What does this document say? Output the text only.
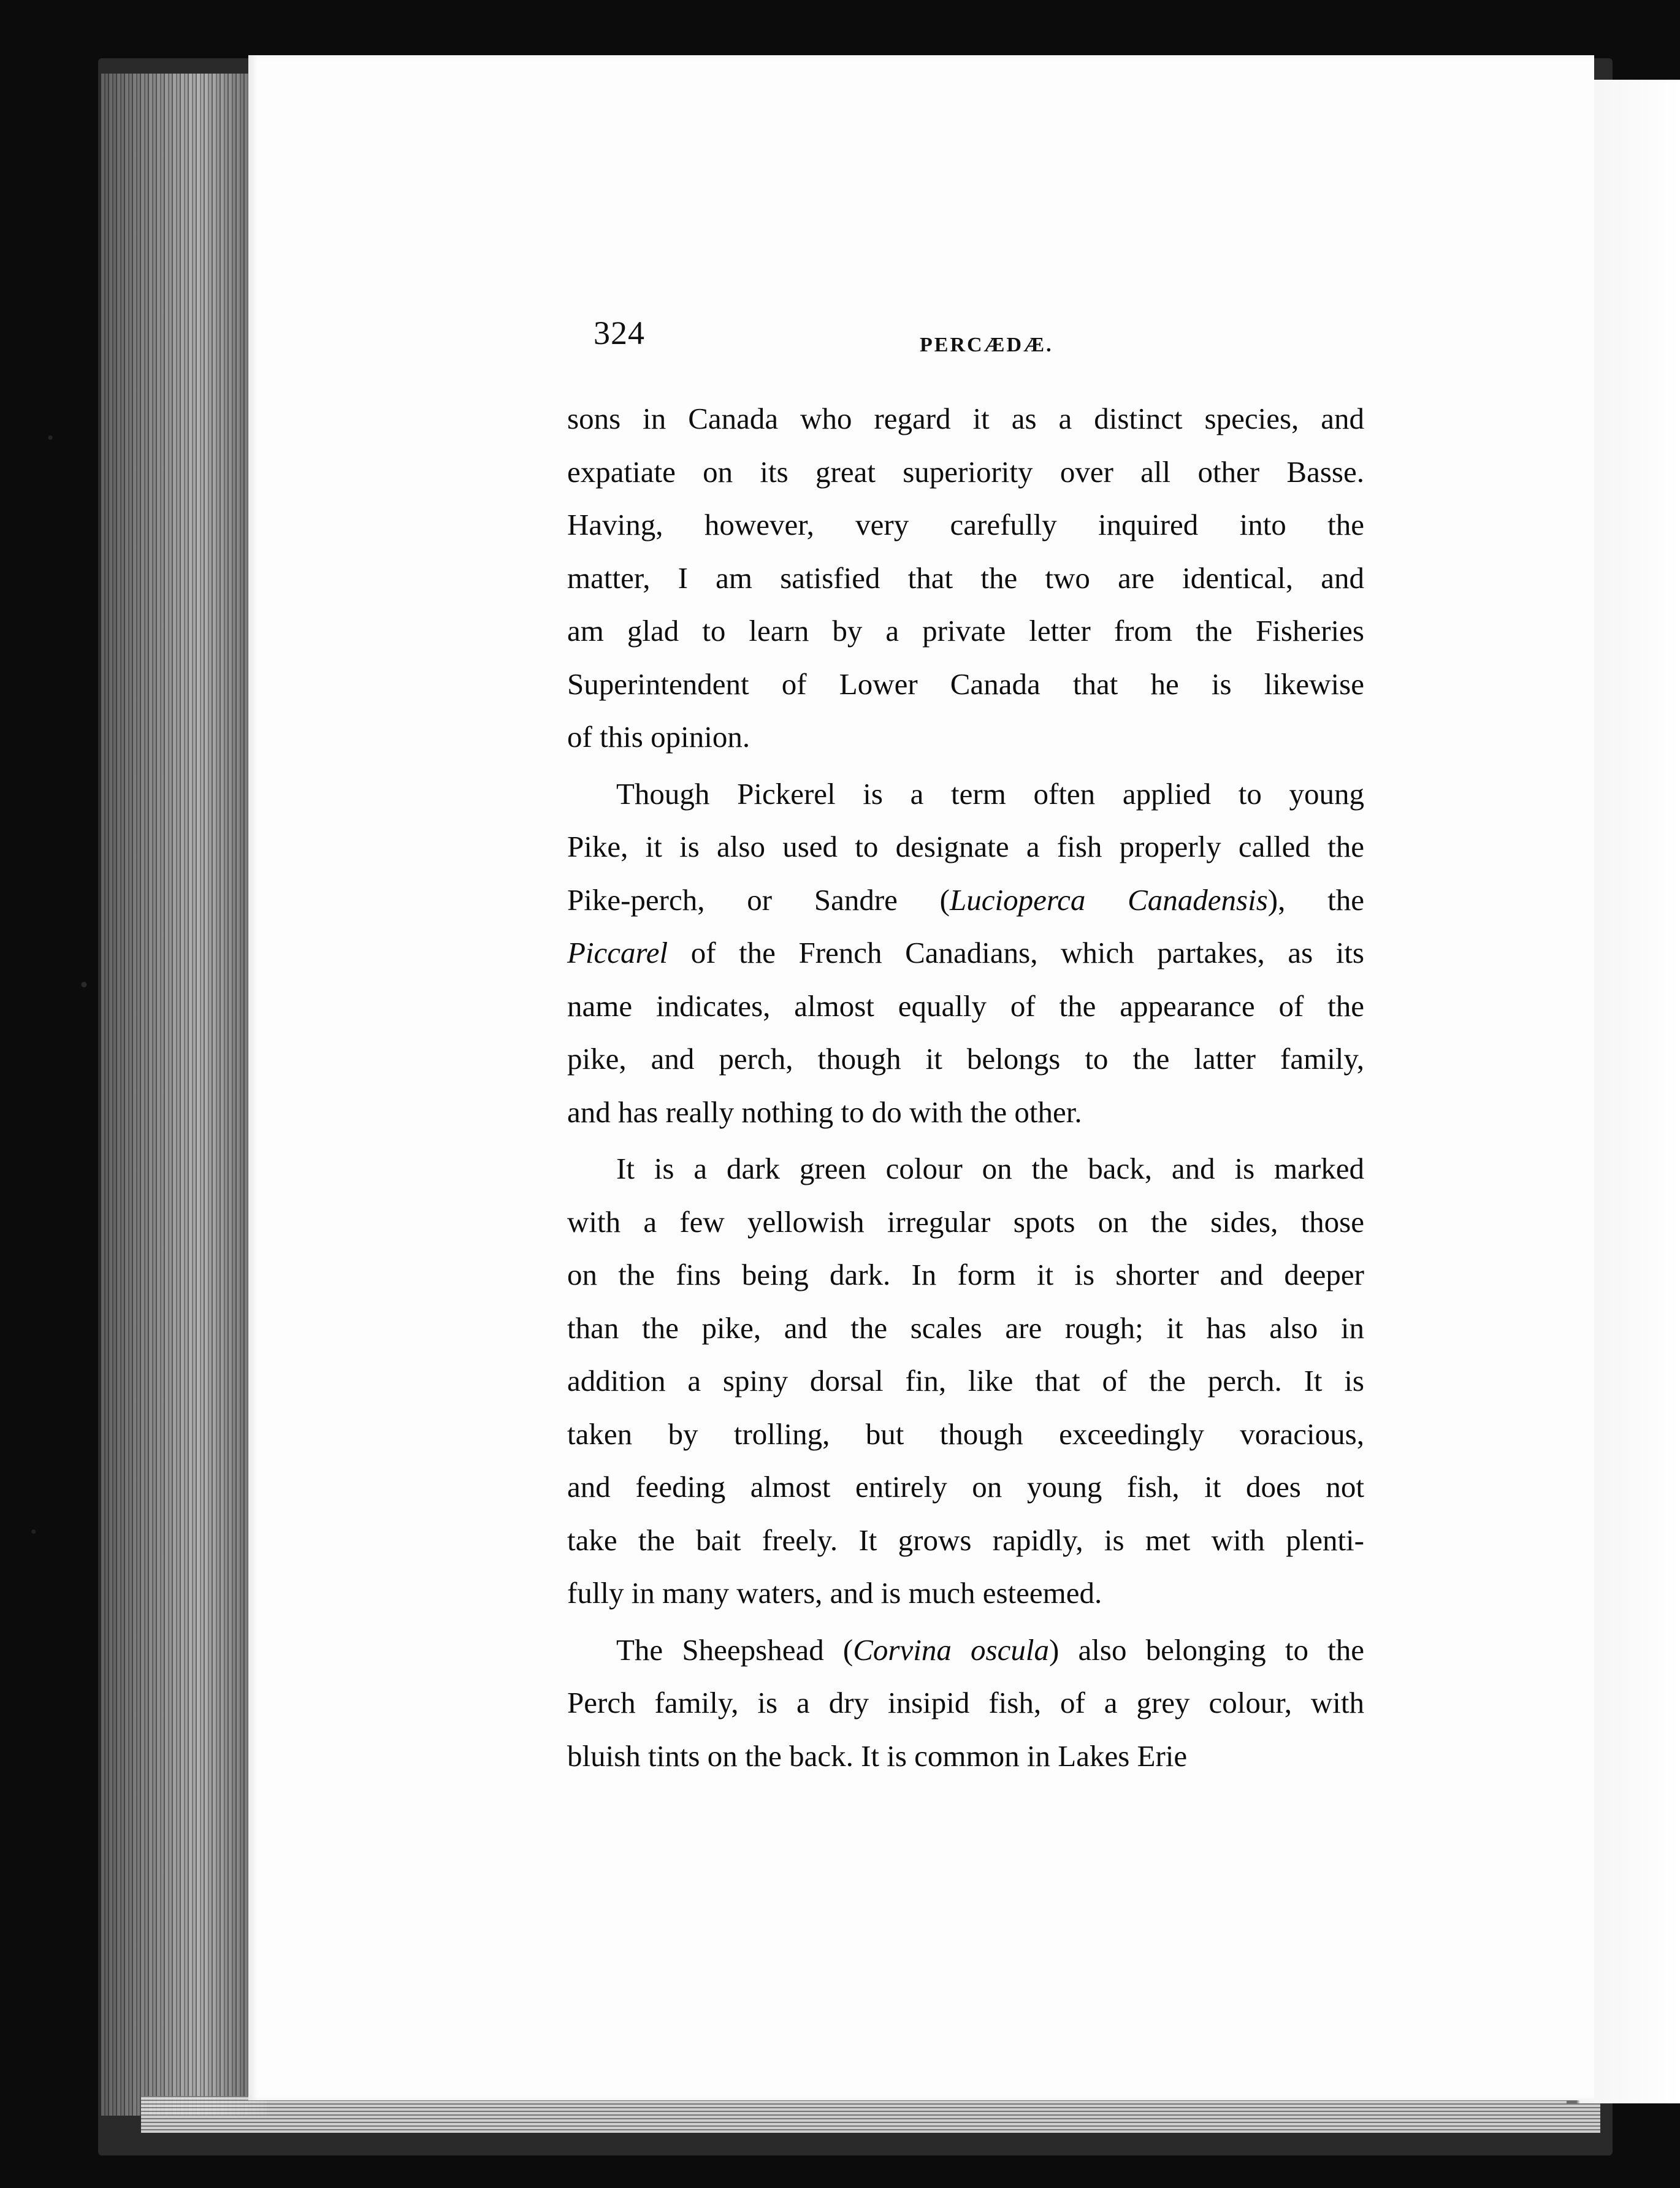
324	PERCÆDÆ.
sons in Canada who regard it as a distinct species, and
expatiate on its great superiority over all other Basse.
Having, however, very carefully inquired into the
matter, I am satisfied that the two are identical, and
am glad to learn by a private letter from the Fisheries
Superintendent of Lower Canada that he is likewise
of this opinion.
Though Pickerel is a term often applied to young
Pike, it is also used to designate a fish properly called the
Pike-perch, or Sandre (Lucioperca Canadensis), the
Piccarel of the French Canadians, which partakes, as its
name indicates, almost equally of the appearance of the
pike, and perch, though it belongs to the latter family,
and has really nothing to do with the other.
It is a dark green colour on the back, and is marked
with a few yellowish irregular spots on the sides, those
on the fins being dark. In form it is shorter and deeper
than the pike, and the scales are rough; it has also in
addition a spiny dorsal fin, like that of the perch. It is
taken by trolling, but though exceedingly voracious,
and feeding almost entirely on young fish, it does not
take the bait freely. It grows rapidly, is met with plenti-
fully in many waters, and is much esteemed.
The Sheepshead (Corvina oscula) also belonging to the
Perch family, is a dry insipid fish, of a grey colour, with
bluish tints on the back. It is common in Lakes Erie
